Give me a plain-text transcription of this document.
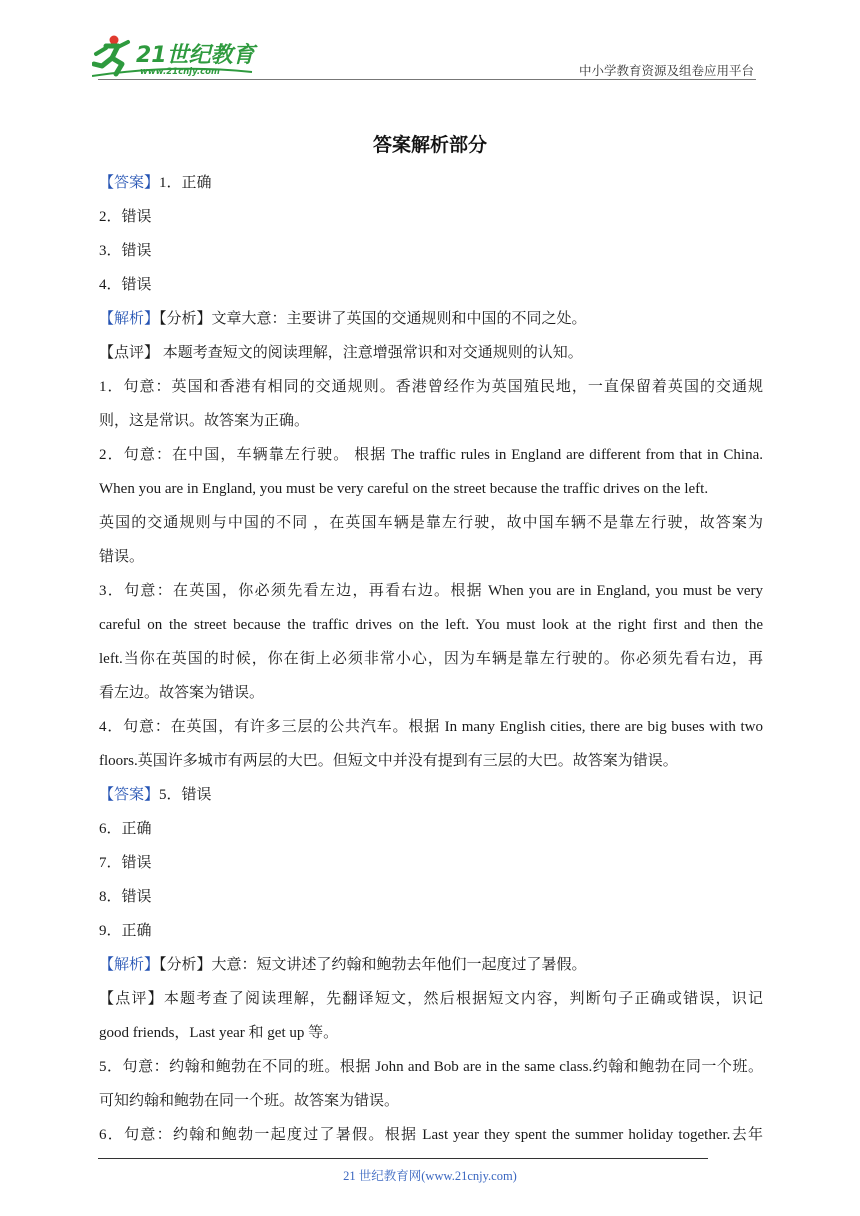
21世纪教育
www.21cnjy.com	中小学教育资源及组卷应用平台
答案解析部分
【答案】1．正确
2．错误
3．错误
4．错误
【解析】【分析】文章大意：主要讲了英国的交通规则和中国的不同之处。
【点评】 本题考查短文的阅读理解，注意增强常识和对交通规则的认知。
1．句意：英国和香港有相同的交通规则。香港曾经作为英国殖民地，一直保留着英国的交通规
则，这是常识。故答案为正确。
2．句意：在中国，车辆靠左行驶。 根据 The traffic rules in England are different from that in China.
When you are in England, you must be very careful on the street because the traffic drives on the left.
英国的交通规则与中国的不同 ，在英国车辆是靠左行驶，故中国车辆不是靠左行驶，故答案为
错误。
3．句意：在英国，你必须先看左边，再看右边。根据 When you are in England, you must be very
careful on the street because the traffic drives on the left. You must look at the right first and then the
left.当你在英国的时候，你在街上必须非常小心，因为车辆是靠左行驶的。你必须先看右边，再
看左边。故答案为错误。
4．句意：在英国，有许多三层的公共汽车。根据 In many English cities, there are big buses with two
floors.英国许多城市有两层的大巴。但短文中并没有提到有三层的大巴。故答案为错误。
【答案】5．错误
6．正确
7．错误
8．错误
9．正确
【解析】【分析】大意：短文讲述了约翰和鲍勃去年他们一起度过了暑假。
【点评】本题考查了阅读理解，先翻译短文，然后根据短文内容，判断句子正确或错误，识记
good friends，Last year 和 get up 等。
5．句意：约翰和鲍勃在不同的班。根据 John and Bob are in the same class.约翰和鲍勃在同一个班。
可知约翰和鲍勃在同一个班。故答案为错误。
6．句意：约翰和鲍勃一起度过了暑假。根据 Last year they spent the summer holiday together.去年
21 世纪教育网(www.21cnjy.com)
